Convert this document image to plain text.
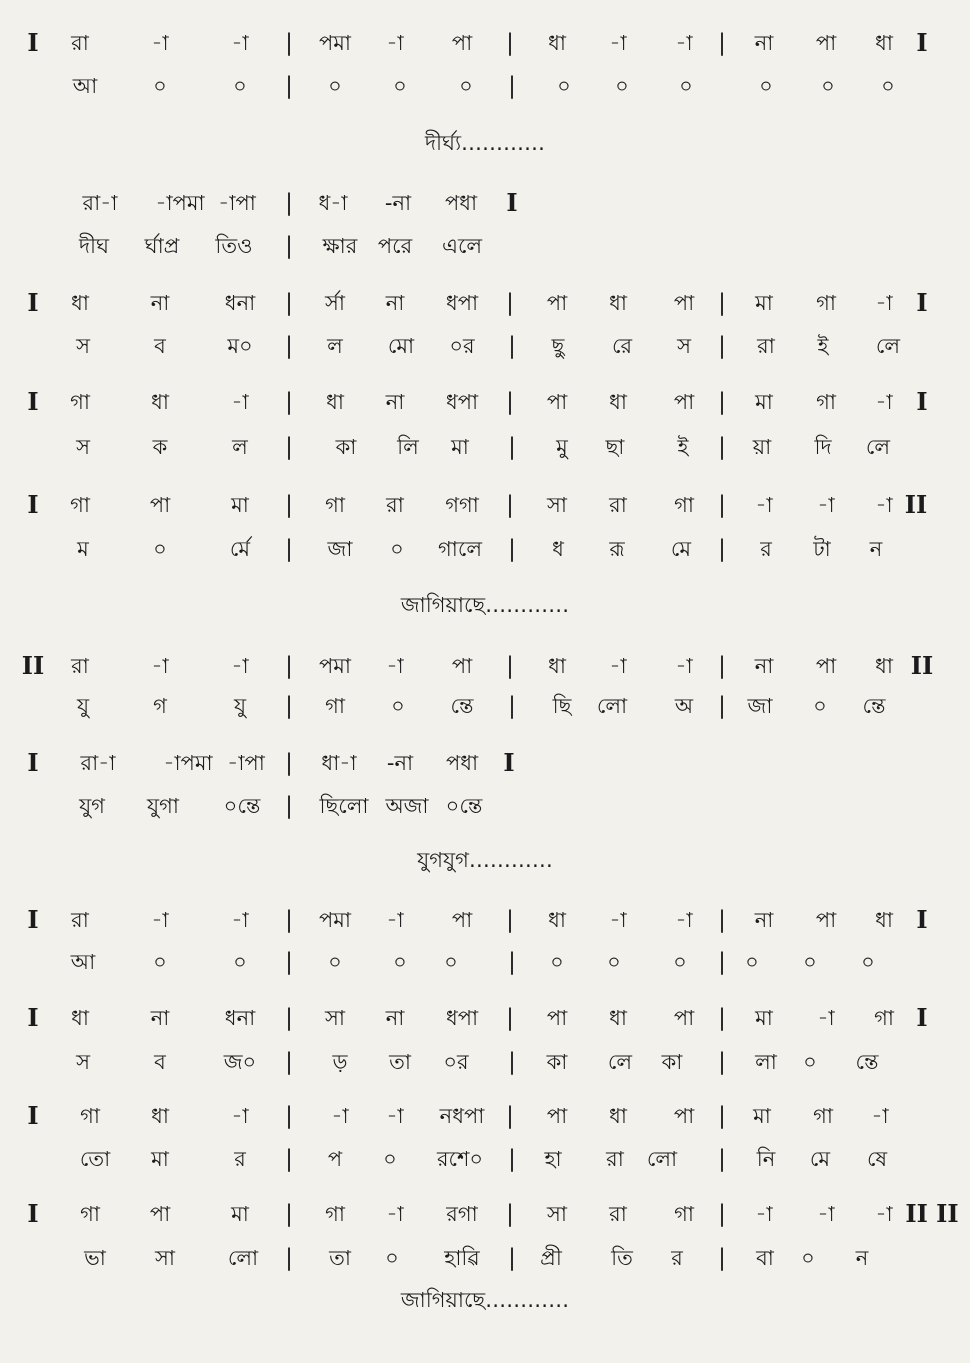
I রা	-া	-া | পমা -া পা | ধা -া -া | না পা ধা I
আ	০	০ | ০ ০ ০ | ০ ০ ০	০ ০ ০
রা-া -াপমা -াপা | ধ-া -না পধা I
দীঘ ৰ্ঘাপ্র তিও | ক্ষার পরে এলে
I ধা	না	ধনা | র্সা না ধপা | পা ধা পা | মা গা -া I
স	ব	ম০ | ল মো ০র | ছু রে স | রা ই লে
I গা	ধা	-া | ধা না ধপা | পা ধা পা | মা গা -া I
স	ক	ল | কা লি মা | মু ছা	ই | য়া দি লে
I গা	পা	মা | গা রা গগা | সা রা গা | -া -া -া II
ম	০	র্মে | জা ০ গালে | ধ রূ মে | র টা ন
II রা	-া	-া | পমা -া পা | ধা -া -া | না পা ধা II
যু	গ	যু | গা ০ ন্তে | ছি লো অ | জা ০ ন্তে
I রা-া -াপমা -াপা | ধা-া -না পধা I
যুগ যুগা ০ন্তে | ছিলো অজা ০ন্তে
I রা	-া	-া | পমা -া পা | ধা -া -া | না পা ধা I
আ	০	০ | ০ ০ ০ | ০ ০ ০ | ০ ০ ০
I ধা	না	ধনা | সা না ধপা | পা ধা পা | মা -া গা I
স	ব	জ০ | ড় তা ০র | কা লে কা | লা ০ ন্তে
I গা ধা	-া | -া -া নধপা | পা ধা পা | মা গা -া
তো মা	র | প ০ রশে০ | হা রা লো | নি মে ষে
I গা পা	মা | গা -া রগা | সা রা গা | -া -া -া II II
ভা সা	লো | তা ০ হাৱি | প্রী তি র | বা ০ ন
দীর্ঘ্য…………
জাগিয়াছে…………
যুগযুগ…………
জাগিয়াছে…………
